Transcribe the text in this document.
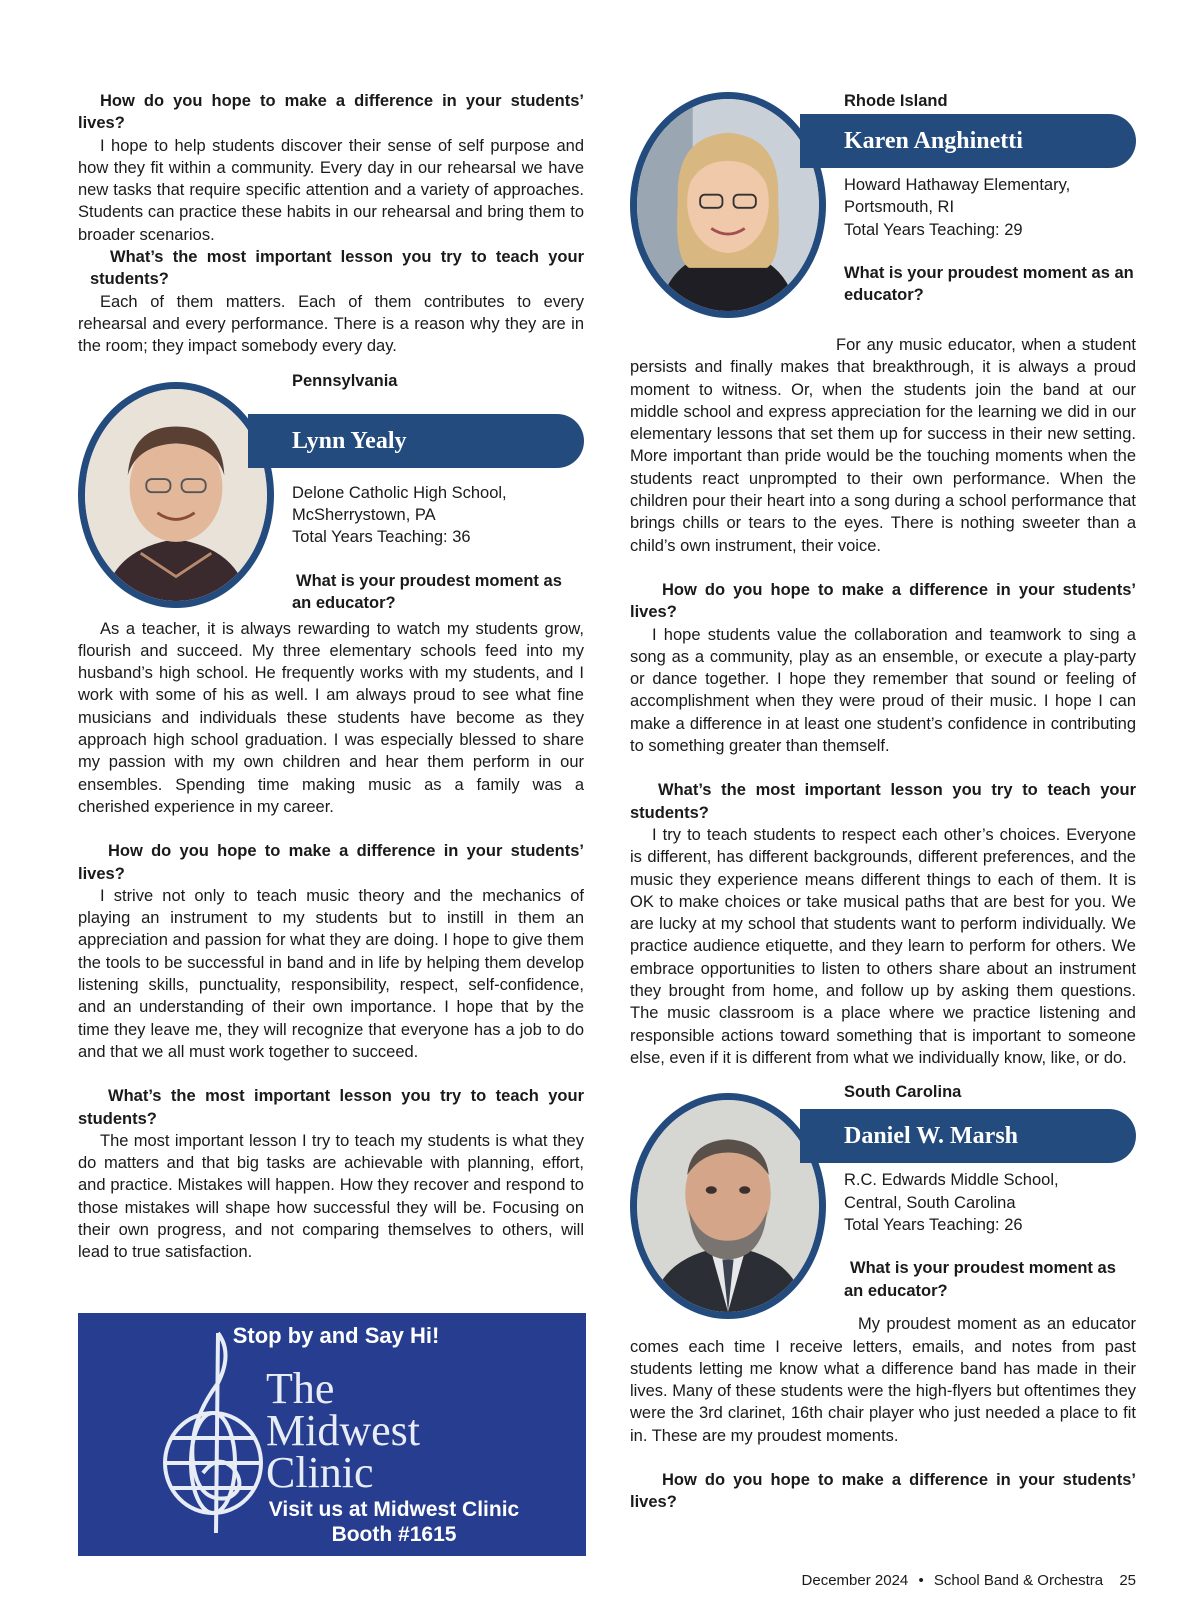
How do you hope to make a difference in your students’ lives?

I hope to help students discover their sense of self purpose and how they fit within a community. Every day in our rehearsal we have new tasks that require specific attention and a variety of approaches. Students can practice these habits in our rehearsal and bring them to broader scenarios.

What’s the most important lesson you try to teach your students?

Each of them matters. Each of them contributes to every rehearsal and every performance. There is a reason why they are in the room; they impact somebody every day.

Pennsylvania
Lynn Yealy
Delone Catholic High School,
McSherrystown, PA
Total Years Teaching: 36
What is your proudest moment as an educator?

As a teacher, it is always rewarding to watch my students grow, flourish and succeed. My three elementary schools feed into my husband’s high school. He frequently works with my students, and I work with some of his as well. I am always proud to see what fine musicians and individuals these students have become as they approach high school graduation. I was especially blessed to share my passion with my own children and hear them perform in our ensembles. Spending time making music as a family was a cherished experience in my career.

How do you hope to make a difference in your students’ lives?

I strive not only to teach music theory and the mechanics of playing an instrument to my students but to instill in them an appreciation and passion for what they are doing. I hope to give them the tools to be successful in band and in life by helping them develop listening skills, punctuality, responsibility, respect, self-confidence, and an understanding of their own importance. I hope that by the time they leave me, they will recognize that everyone has a job to do and that we all must work together to succeed.

What’s the most important lesson you try to teach your students?

The most important lesson I try to teach my students is what they do matters and that big tasks are achievable with planning, effort, and practice. Mistakes will happen. How they recover and respond to those mistakes will shape how successful they will be. Focusing on their own progress, and not comparing themselves to others, will lead to true satisfaction.

Stop by and Say Hi!
The
Midwest
Clinic
Visit us at Midwest Clinic
Booth #1615
Rhode Island
Karen Anghinetti
Howard Hathaway Elementary,
Portsmouth, RI
Total Years Teaching: 29
What is your proudest moment as an educator?

For any music educator, when a student persists and finally makes that breakthrough, it is always a proud moment to witness. Or, when the students join the band at our middle school and express appreciation for the learning we did in our elementary lessons that set them up for success in their new setting. More important than pride would be the touching moments when the students react unprompted to their own performance. When the children pour their heart into a song during a school performance that brings chills or tears to the eyes. There is nothing sweeter than a child’s own instrument, their voice.

How do you hope to make a difference in your students’ lives?

I hope students value the collaboration and teamwork to sing a song as a community, play as an ensemble, or execute a play-party or dance together. I hope they remember that sound or feeling of accomplishment when they were proud of their music. I hope I can make a difference in at least one student’s confidence in contributing to something greater than themself.

What’s the most important lesson you try to teach your students?

I try to teach students to respect each other’s choices. Everyone is different, has different backgrounds, different preferences, and the music they experience means different things to each of them. It is OK to make choices or take musical paths that are best for you. We are lucky at my school that students want to perform individually. We practice audience etiquette, and they learn to perform for others. We embrace opportunities to listen to others share about an instrument they brought from home, and follow up by asking them questions. The music classroom is a place where we practice listening and responsible actions toward something that is important to someone else, even if it is different from what we individually know, like, or do.

South Carolina
Daniel W. Marsh
R.C. Edwards Middle School,
Central, South Carolina
Total Years Teaching: 26
What is your proudest moment as an educator?

My proudest moment as an educator comes each time I receive letters, emails, and notes from past students letting me know what a difference band has made in their lives. Many of these students were the high-flyers but oftentimes they were the 3rd clarinet, 16th chair player who just needed a place to fit in. These are my proudest moments.

How do you hope to make a difference in your students’ lives?

December 2024 • School Band & Orchestra 25
